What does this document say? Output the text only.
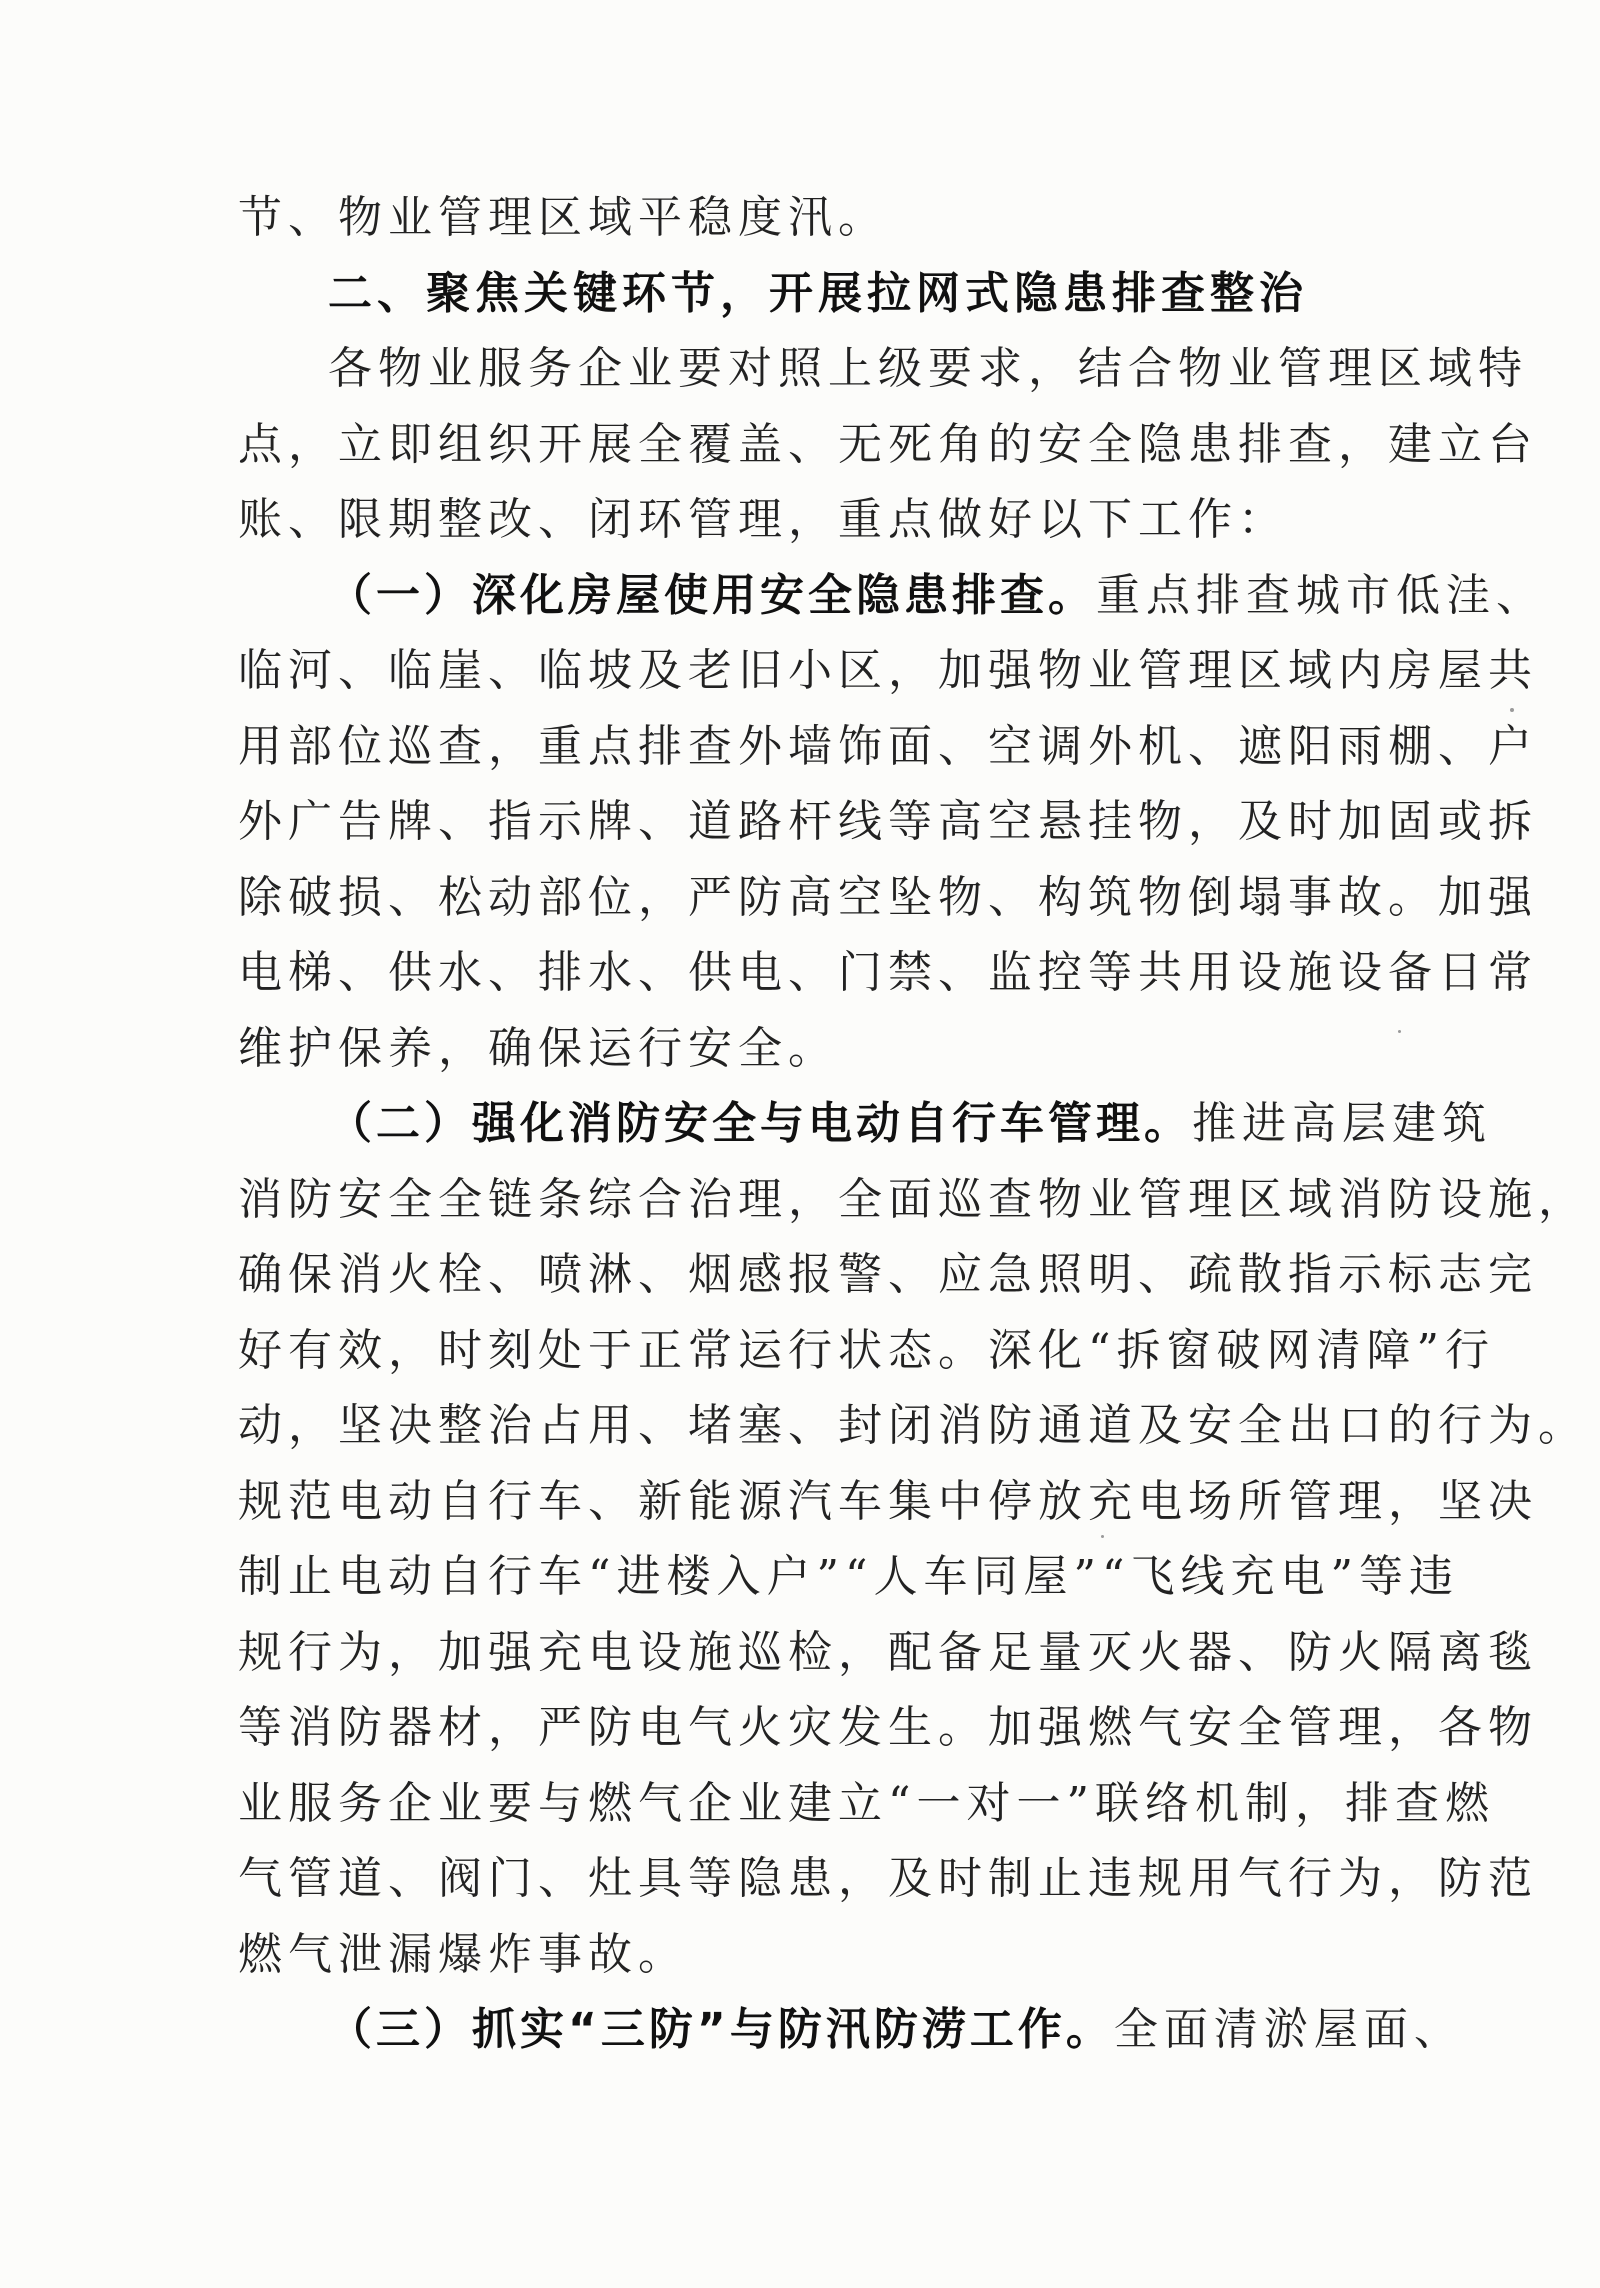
节、物业管理区域平稳度汛。
二、聚焦关键环节，开展拉网式隐患排查整治
各物业服务企业要对照上级要求，结合物业管理区域特
点，立即组织开展全覆盖、无死角的安全隐患排查，建立台
账、限期整改、闭环管理，重点做好以下工作：
（一）深化房屋使用安全隐患排查。重点排查城市低洼、
临河、临崖、临坡及老旧小区，加强物业管理区域内房屋共
用部位巡查，重点排查外墙饰面、空调外机、遮阳雨棚、户
外广告牌、指示牌、道路杆线等高空悬挂物，及时加固或拆
除破损、松动部位，严防高空坠物、构筑物倒塌事故。加强
电梯、供水、排水、供电、门禁、监控等共用设施设备日常
维护保养，确保运行安全。
（二）强化消防安全与电动自行车管理。推进高层建筑
消防安全全链条综合治理，全面巡查物业管理区域消防设施，
确保消火栓、喷淋、烟感报警、应急照明、疏散指示标志完
好有效，时刻处于正常运行状态。深化“拆窗破网清障”行
动，坚决整治占用、堵塞、封闭消防通道及安全出口的行为。
规范电动自行车、新能源汽车集中停放充电场所管理，坚决
制止电动自行车“进楼入户”“人车同屋”“飞线充电”等违
规行为，加强充电设施巡检，配备足量灭火器、防火隔离毯
等消防器材，严防电气火灾发生。加强燃气安全管理，各物
业服务企业要与燃气企业建立“一对一”联络机制，排查燃
气管道、阀门、灶具等隐患，及时制止违规用气行为，防范
燃气泄漏爆炸事故。
（三）抓实“三防”与防汛防涝工作。全面清淤屋面、
